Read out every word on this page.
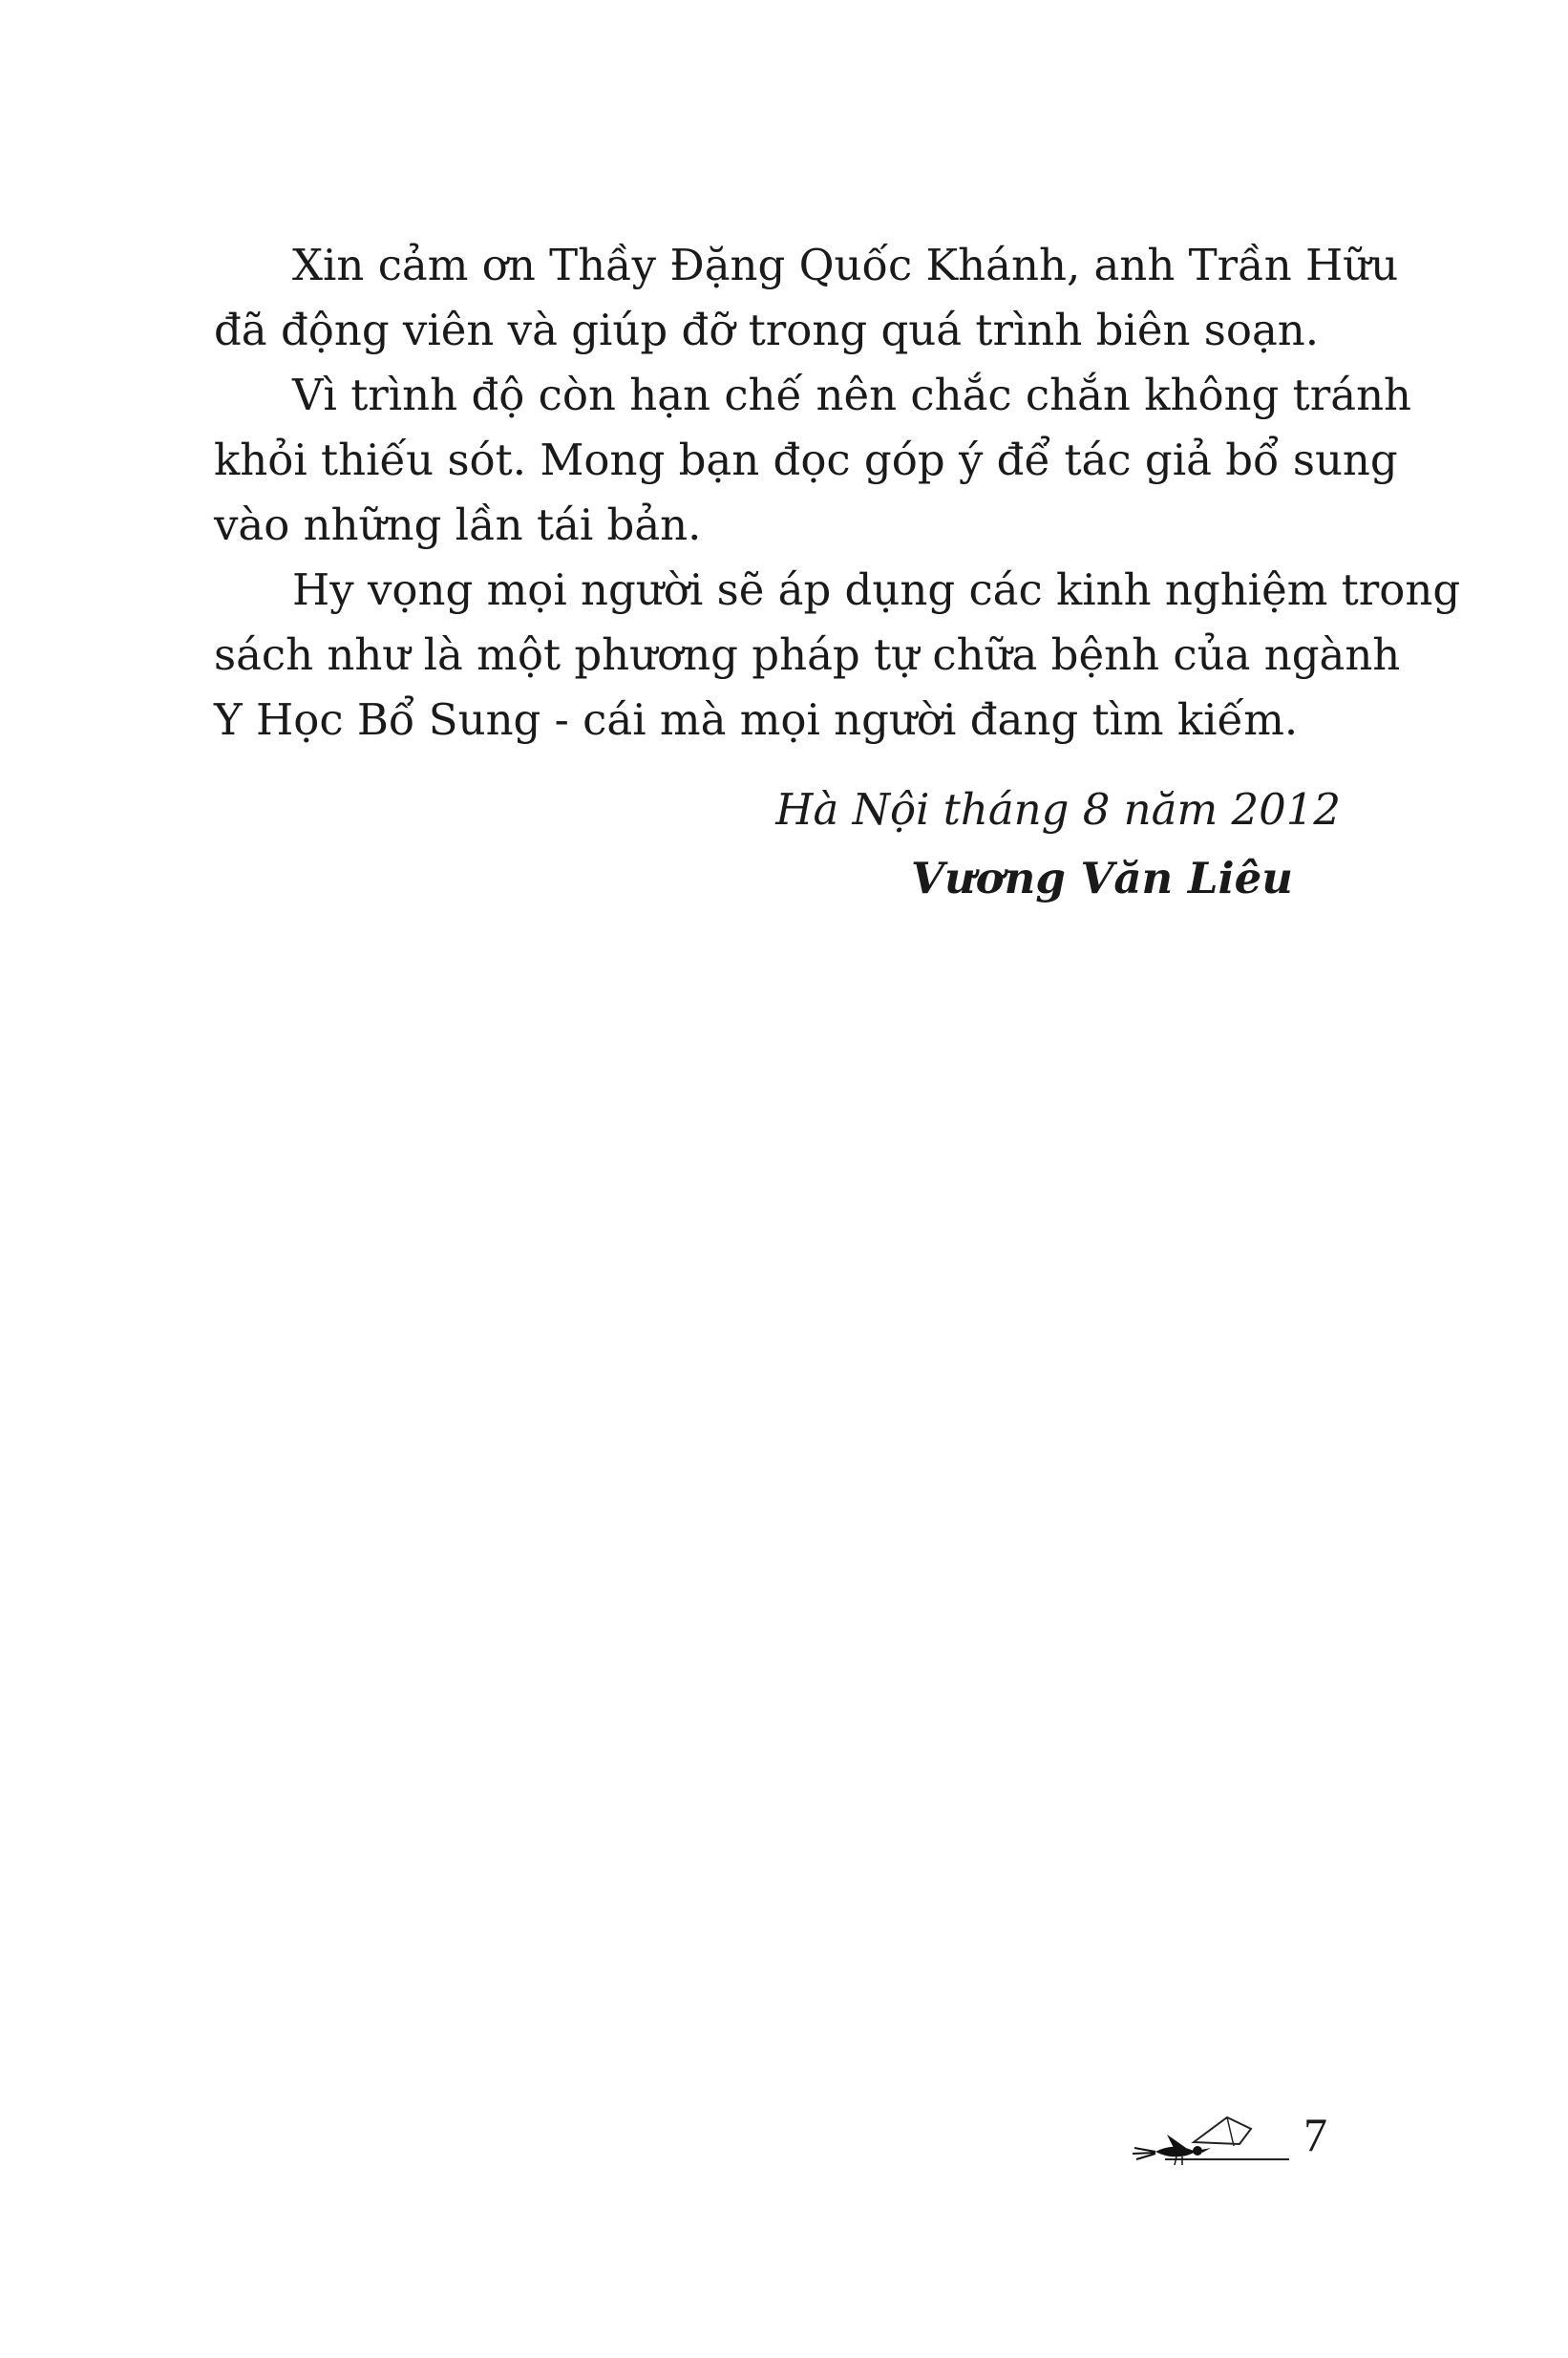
Xin cảm ơn Thầy Đặng Quốc Khánh, anh Trần Hữu
đã động viên và giúp đỡ trong quá trình biên soạn.

Vì trình độ còn hạn chế nên chắc chắn không tránh
khỏi thiếu sót. Mong bạn đọc góp ý để tác giả bổ sung
vào những lần tái bản.

Hy vọng mọi người sẽ áp dụng các kinh nghiệm trong
sách như là một phương pháp tự chữa bệnh của ngành
Y Học Bổ Sung - cái mà mọi người đang tìm kiếm.

Hà Nội tháng 8 năm 2012
Vương Văn Liêu
7
